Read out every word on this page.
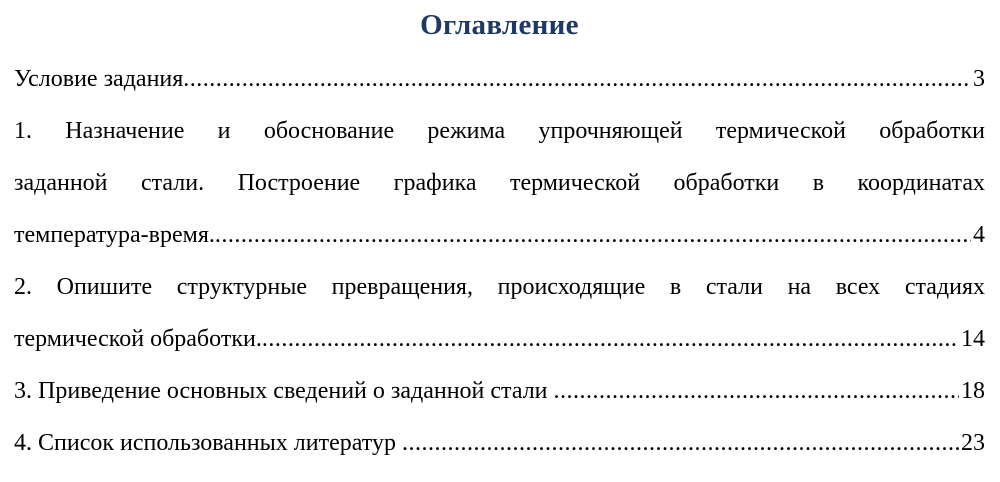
Оглавление
Условие задания .....	3
1. Назначение и обоснование режима упрочняющей термической обработки
заданной стали. Построение графика термической обработки в координатах
температура-время. .....	4
2. Опишите структурные превращения, происходящие в стали на всех стадиях
термической обработки. .....	14
3. Приведение основных сведений о заданной стали .....	18
4. Список использованных литератур .....	23
